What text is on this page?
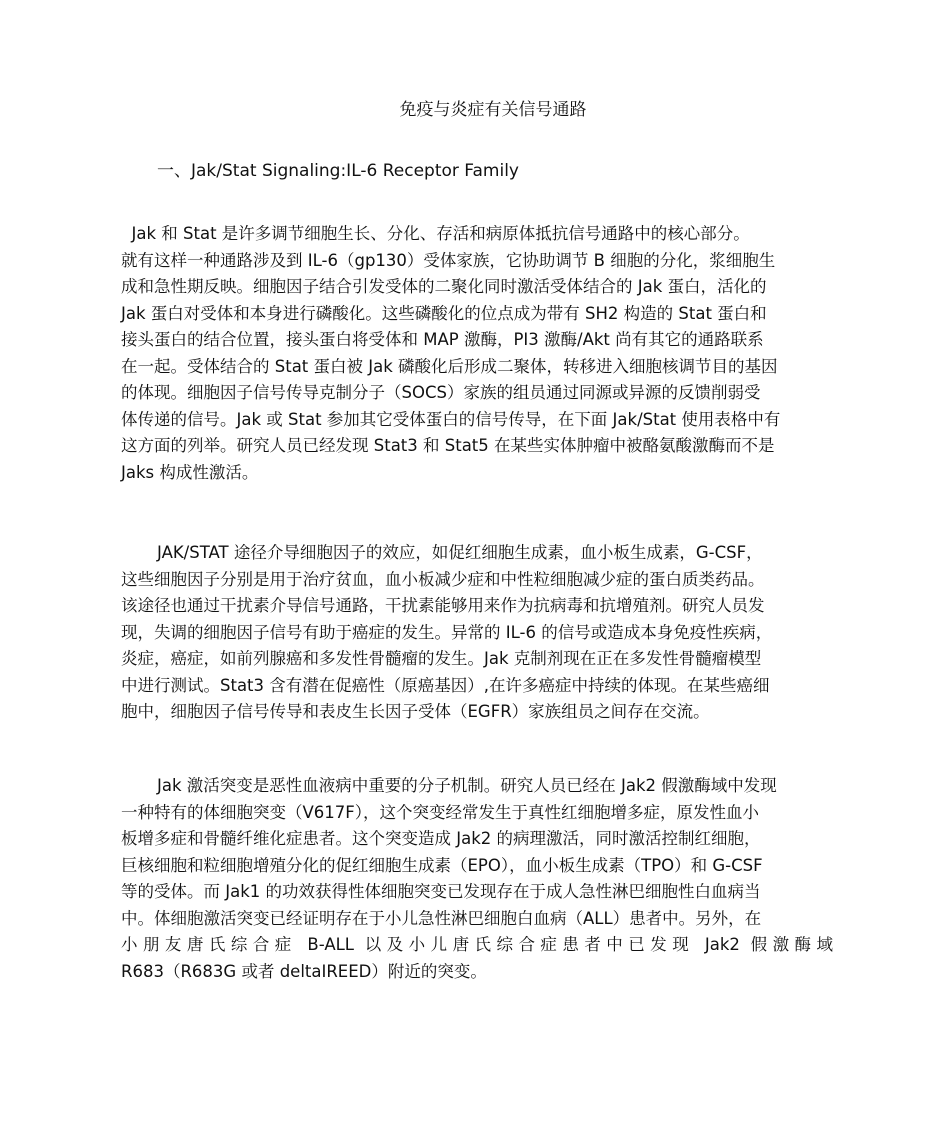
免疫与炎症有关信号通路
一、Jak/Stat Signaling:IL-6 Receptor Family
Jak 和 Stat 是许多调节细胞生长、分化、存活和病原体抵抗信号通路中的核心部分。
就有这样一种通路涉及到 IL-6（gp130）受体家族，它协助调节 B 细胞的分化，浆细胞生
成和急性期反映。细胞因子结合引发受体的二聚化同时激活受体结合的 Jak 蛋白，活化的
Jak 蛋白对受体和本身进行磷酸化。这些磷酸化的位点成为带有 SH2 构造的 Stat 蛋白和
接头蛋白的结合位置，接头蛋白将受体和 MAP 激酶，PI3 激酶/Akt 尚有其它的通路联系
在一起。受体结合的 Stat 蛋白被 Jak 磷酸化后形成二聚体，转移进入细胞核调节目的基因
的体现。细胞因子信号传导克制分子（SOCS）家族的组员通过同源或异源的反馈削弱受
体传递的信号。Jak 或 Stat 参加其它受体蛋白的信号传导，在下面 Jak/Stat 使用表格中有
这方面的列举。研究人员已经发现 Stat3 和 Stat5 在某些实体肿瘤中被酪氨酸激酶而不是
Jaks 构成性激活。
JAK/STAT 途径介导细胞因子的效应，如促红细胞生成素，血小板生成素，G-CSF，
这些细胞因子分别是用于治疗贫血，血小板减少症和中性粒细胞减少症的蛋白质类药品。
该途径也通过干扰素介导信号通路，干扰素能够用来作为抗病毒和抗增殖剂。研究人员发
现，失调的细胞因子信号有助于癌症的发生。异常的 IL-6 的信号或造成本身免疫性疾病，
炎症，癌症，如前列腺癌和多发性骨髓瘤的发生。Jak 克制剂现在正在多发性骨髓瘤模型
中进行测试。Stat3 含有潜在促癌性（原癌基因）,在许多癌症中持续的体现。在某些癌细
胞中，细胞因子信号传导和表皮生长因子受体（EGFR）家族组员之间存在交流。
Jak 激活突变是恶性血液病中重要的分子机制。研究人员已经在 Jak2 假激酶域中发现
一种特有的体细胞突变（V617F），这个突变经常发生于真性红细胞增多症，原发性血小
板增多症和骨髓纤维化症患者。这个突变造成 Jak2 的病理激活，同时激活控制红细胞，
巨核细胞和粒细胞增殖分化的促红细胞生成素（EPO），血小板生成素（TPO）和 G-CSF
等的受体。而 Jak1 的功效获得性体细胞突变已发现存在于成人急性淋巴细胞性白血病当
中。体细胞激活突变已经证明存在于小儿急性淋巴细胞白血病（ALL）患者中。另外，在
小朋友唐氏综合症 B-ALL 以及小儿唐氏综合症患者中已发现 Jak2 假激酶域
R683（R683G 或者 deltaIREED）附近的突变。
